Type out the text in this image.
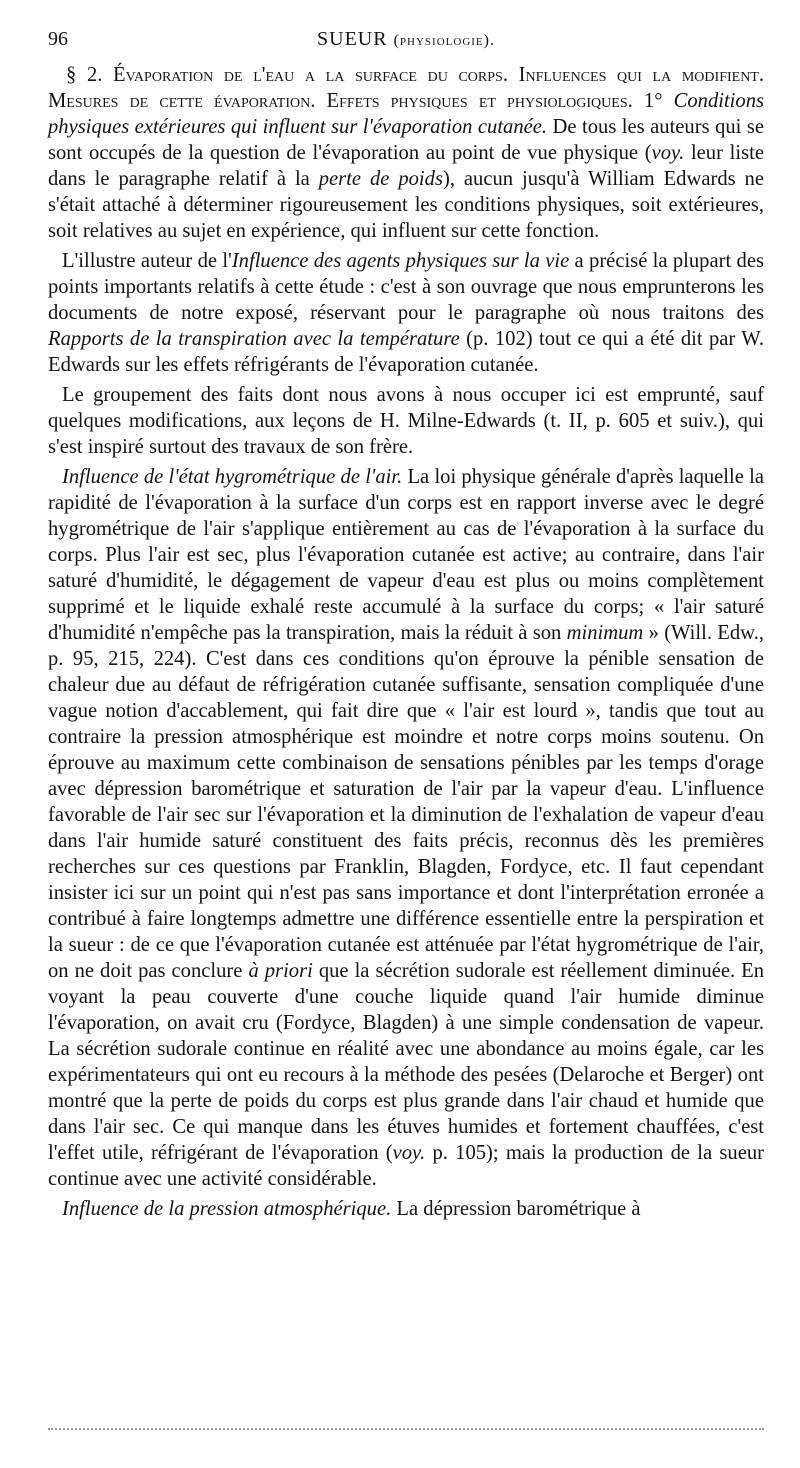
96	SUEUR (physiologie).

§ 2. Évaporation de l'eau a la surface du corps. Influences qui la modifient. Mesures de cette évaporation. Effets physiques et physiologiques. 1° Conditions physiques extérieures qui influent sur l'évaporation cutanée. De tous les auteurs qui se sont occupés de la question de l'évaporation au point de vue physique (voy. leur liste dans le paragraphe relatif à la perte de poids), aucun jusqu'à William Edwards ne s'était attaché à déterminer rigoureusement les conditions physiques, soit extérieures, soit relatives au sujet en expérience, qui influent sur cette fonction.

L'illustre auteur de l'Influence des agents physiques sur la vie a précisé la plupart des points importants relatifs à cette étude : c'est à son ouvrage que nous emprunterons les documents de notre exposé, réservant pour le paragraphe où nous traitons des Rapports de la transpiration avec la température (p. 102) tout ce qui a été dit par W. Edwards sur les effets réfrigérants de l'évaporation cutanée.

Le groupement des faits dont nous avons à nous occuper ici est emprunté, sauf quelques modifications, aux leçons de H. Milne-Edwards (t. II, p. 605 et suiv.), qui s'est inspiré surtout des travaux de son frère.

Influence de l'état hygrométrique de l'air. La loi physique générale d'après laquelle la rapidité de l'évaporation à la surface d'un corps est en rapport inverse avec le degré hygrométrique de l'air s'applique entièrement au cas de l'évaporation à la surface du corps. Plus l'air est sec, plus l'évaporation cutanée est active; au contraire, dans l'air saturé d'humidité, le dégagement de vapeur d'eau est plus ou moins complètement supprimé et le liquide exhalé reste accumulé à la surface du corps; « l'air saturé d'humidité n'empêche pas la transpiration, mais la réduit à son minimum » (Will. Edw., p. 95, 215, 224). C'est dans ces conditions qu'on éprouve la pénible sensation de chaleur due au défaut de réfrigération cutanée suffisante, sensation compliquée d'une vague notion d'accablement, qui fait dire que « l'air est lourd », tandis que tout au contraire la pression atmosphérique est moindre et notre corps moins soutenu. On éprouve au maximum cette combinaison de sensations pénibles par les temps d'orage avec dépression barométrique et saturation de l'air par la vapeur d'eau. L'influence favorable de l'air sec sur l'évaporation et la diminution de l'exhalation de vapeur d'eau dans l'air humide saturé constituent des faits précis, reconnus dès les premières recherches sur ces questions par Franklin, Blagden, Fordyce, etc. Il faut cependant insister ici sur un point qui n'est pas sans importance et dont l'interprétation erronée a contribué à faire longtemps admettre une différence essentielle entre la perspiration et la sueur : de ce que l'évaporation cutanée est atténuée par l'état hygrométrique de l'air, on ne doit pas conclure à priori que la sécrétion sudorale est réellement diminuée. En voyant la peau couverte d'une couche liquide quand l'air humide diminue l'évaporation, on avait cru (Fordyce, Blagden) à une simple condensation de vapeur. La sécrétion sudorale continue en réalité avec une abondance au moins égale, car les expérimentateurs qui ont eu recours à la méthode des pesées (Delaroche et Berger) ont montré que la perte de poids du corps est plus grande dans l'air chaud et humide que dans l'air sec. Ce qui manque dans les étuves humides et fortement chauffées, c'est l'effet utile, réfrigérant de l'évaporation (voy. p. 105); mais la production de la sueur continue avec une activité considérable.

Influence de la pression atmosphérique. La dépression barométrique à
